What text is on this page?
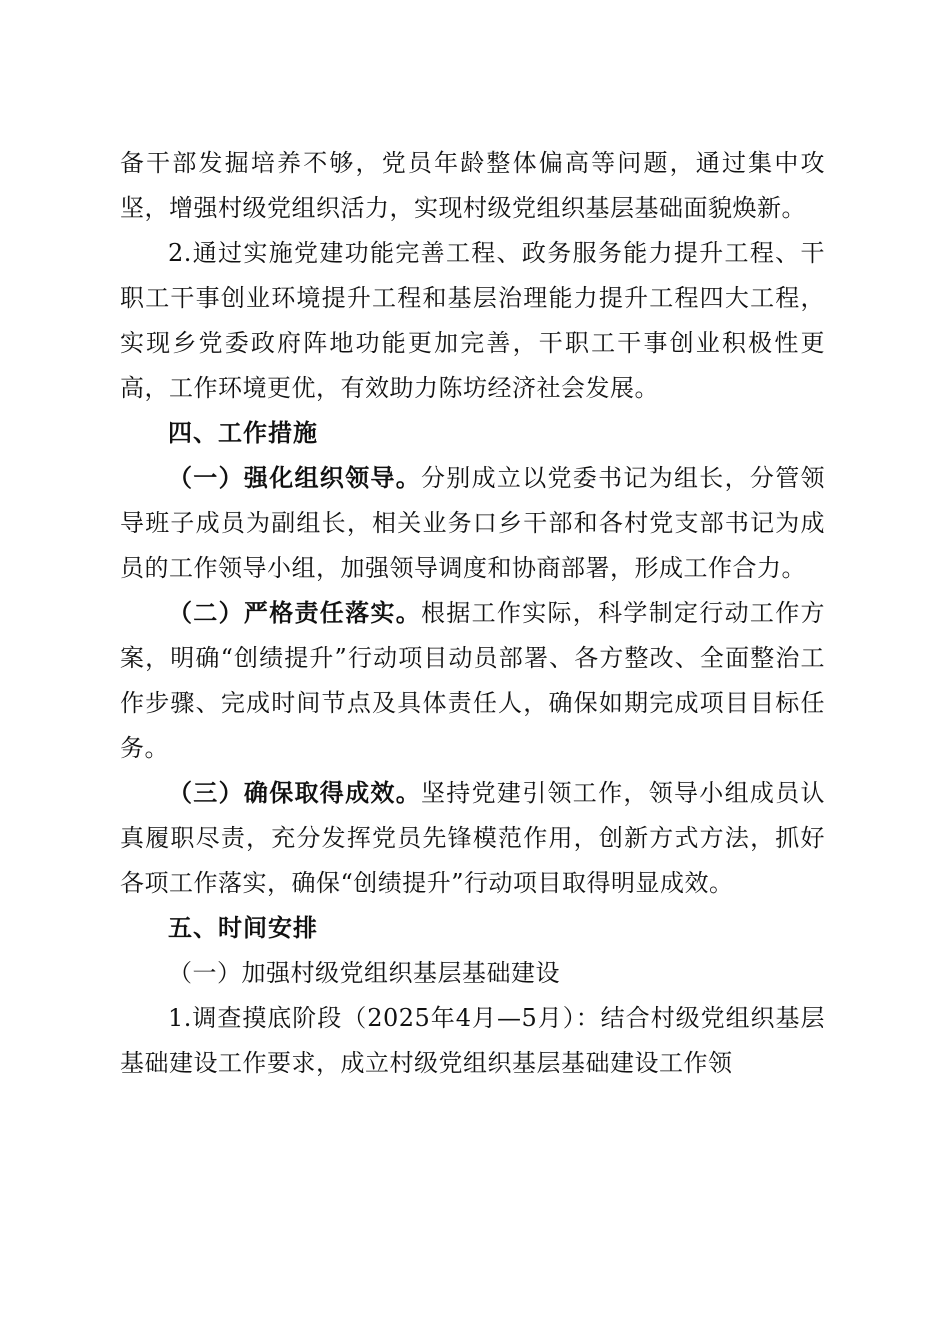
备干部发掘培养不够，党员年龄整体偏高等问题，通过集中攻坚，增强村级党组织活力，实现村级党组织基层基础面貌焕新。

2.通过实施党建功能完善工程、政务服务能力提升工程、干职工干事创业环境提升工程和基层治理能力提升工程四大工程，实现乡党委政府阵地功能更加完善，干职工干事创业积极性更高，工作环境更优，有效助力陈坊经济社会发展。

四、工作措施

（一）强化组织领导。分别成立以党委书记为组长，分管领导班子成员为副组长，相关业务口乡干部和各村党支部书记为成员的工作领导小组，加强领导调度和协商部署，形成工作合力。

（二）严格责任落实。根据工作实际，科学制定行动工作方案，明确“创绩提升”行动项目动员部署、各方整改、全面整治工作步骤、完成时间节点及具体责任人，确保如期完成项目目标任务。

（三）确保取得成效。坚持党建引领工作，领导小组成员认真履职尽责，充分发挥党员先锋模范作用，创新方式方法，抓好各项工作落实，确保“创绩提升”行动项目取得明显成效。

五、时间安排

（一）加强村级党组织基层基础建设

1.调查摸底阶段（2025年4月—5月）：结合村级党组织基层基础建设工作要求，成立村级党组织基层基础建设工作领
